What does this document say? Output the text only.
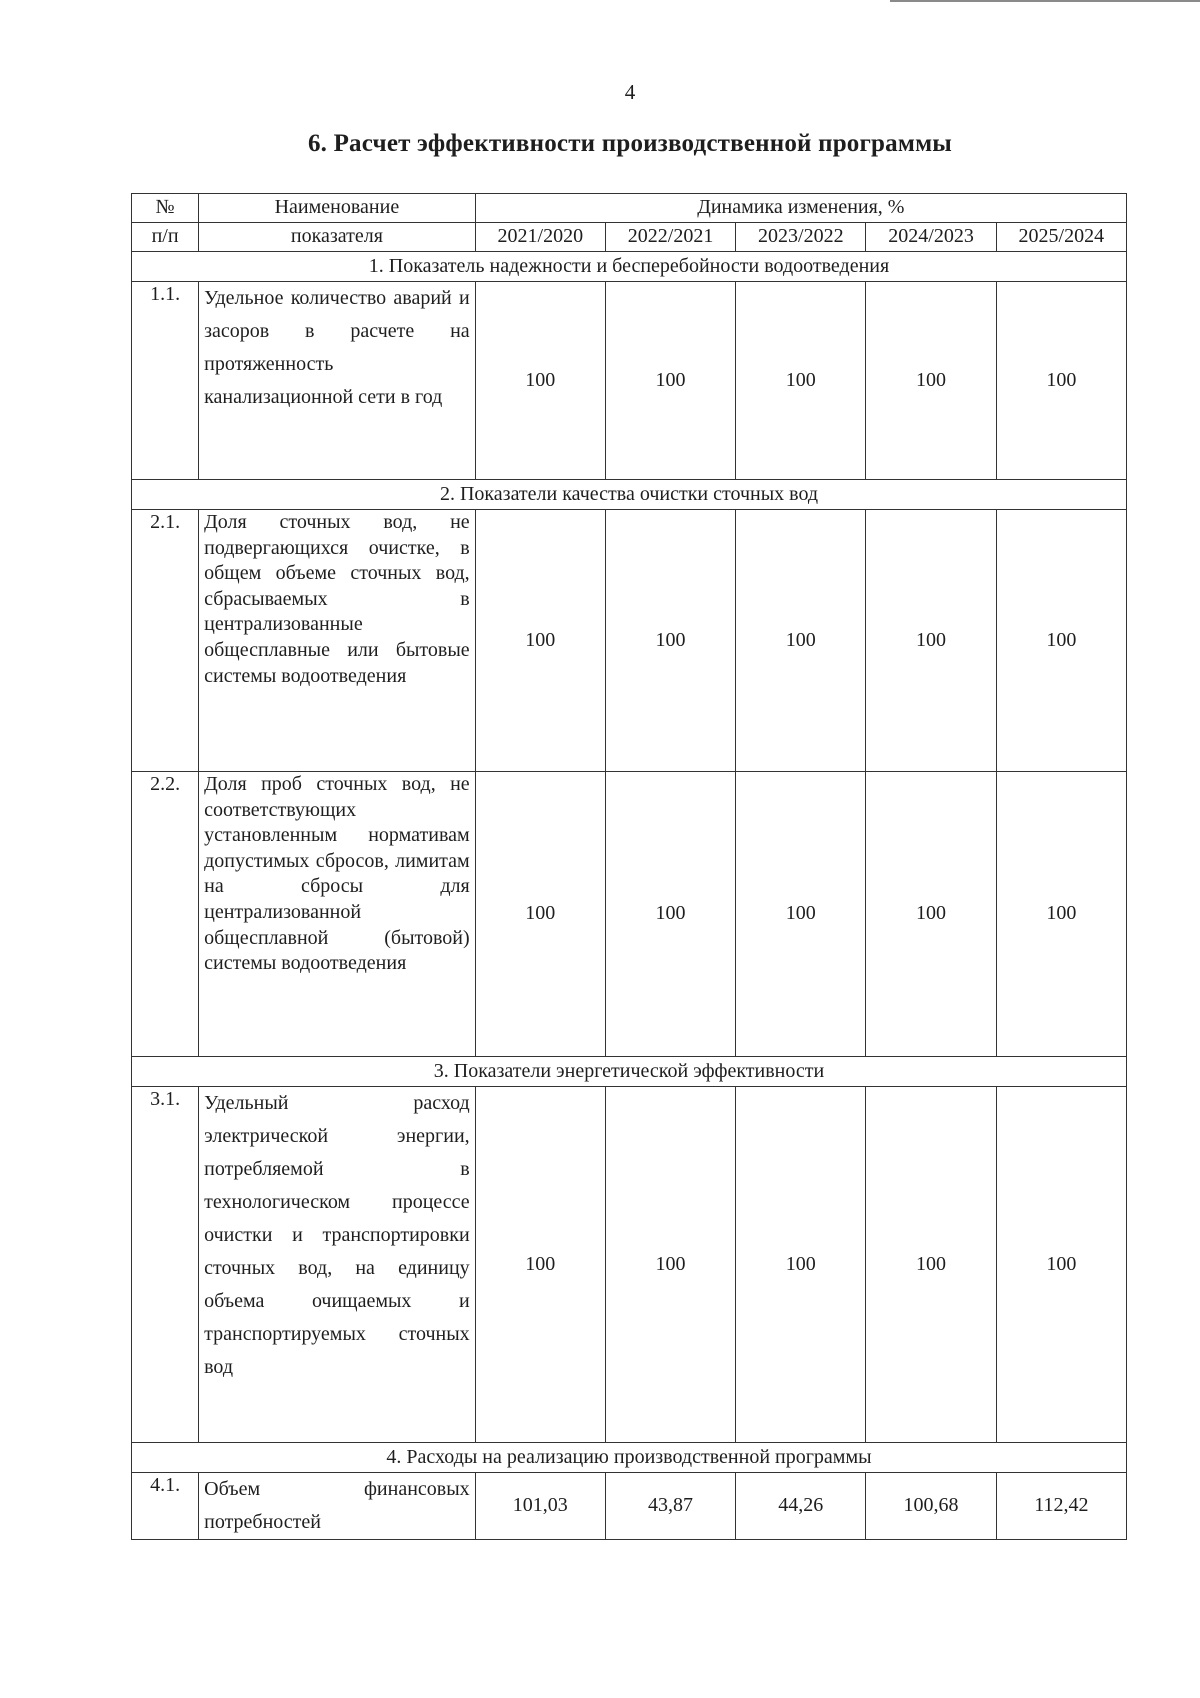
4
6. Расчет эффективности производственной программы
№	Наименование	Динамика изменения, %				
п/п	показателя	2021/2020	2022/2021	2023/2022	2024/2023	2025/2024
1. Показатель надежности и бесперебойности водоотведения						
1.1.	Удельное количество аварий и засоров в расчете на протяженность канализационной сети в год	100	100	100	100	100
2. Показатели качества очистки сточных вод						
2.1.	Доля сточных вод, не подвергающихся очистке, в общем объеме сточных вод, сбрасываемых в централизованные общесплавные или бытовые системы водоотведения	100	100	100	100	100
2.2.	Доля проб сточных вод, не соответствующих установленным нормативам допустимых сбросов, лимитам на сбросы для централизованной общесплавной (бытовой) системы водоотведения	100	100	100	100	100
3. Показатели энергетической эффективности						
3.1.	Удельный расход электрической энергии, потребляемой в технологическом процессе очистки и транспортировки сточных вод, на единицу объема очищаемых и транспортируемых сточных вод	100	100	100	100	100
4. Расходы на реализацию производственной программы						
4.1.	Объем финансовых потребностей	101,03	43,87	44,26	100,68	112,42
